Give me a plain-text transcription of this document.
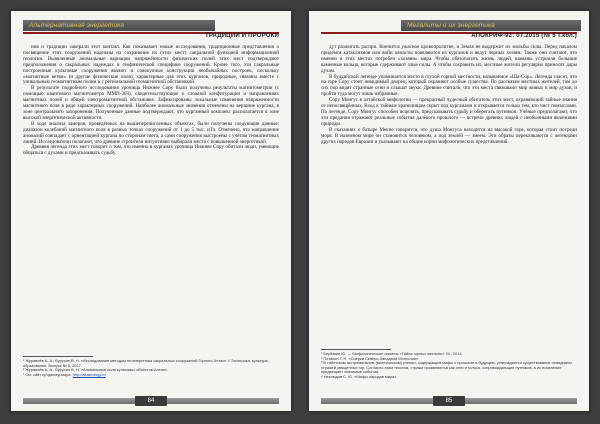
Альтернативная энергетика
ТРАДИЦИИ И ПРОРОКИ

ния и традиции хакерали этот контакт. Как показывает новые исследования, традиционные представления о посвящение этих сооружений надежны на сохранение их (этих мест) сакральной функцией информационной геологии. Выявленные аномальные вариации напряжённости физических полей этих мест подтверждают предположения о сакральных надеждах и геофизической специфике сооружений. Кроме того, эти сакральные построенные культовые сооружения являют и совокупные конструкции необычайных построек, поскольку «магнитные ветви» (и другие физические поля), характерные для этих курганов, природные, связаны вместе с уникальным геомагнитным полем и с региональной геомагнитной обстановкой.

В результате подробного исследования урочища Нижнее Сору были получены результаты магнитометрии (с помощью квантового магнитометра ММП-303), свидетельствующие о сложной конфигурации и направлениях магнитных полей и общей электромагнитной обстановке. Зафиксированы локальные изменения напряженности магнитного поля в ряде характерных сооружений. Наиболее аномальные значения отмечены на вершине кургана, в зоне центрального захоронения. Полученные данные подтверждают, что курганный комплекс располагается в зоне высокой энергетической активности.

В ходе анализа замеров, проведённых на вышеперечисленных объектах, были получены следующие данные: диапазон колебаний магнитного поля в разных точках сооружений от 1 до 5 тыс. нТл. Отмечено, что направление аномалий совпадает с ориентацией кургана по сторонам света, а сами сооружения выстроены с учётом геомагнитных линий. Исследователи полагают, что древние строители интуитивно выбирали места с повышенной энергетикой.

Древняя легенда этих мест говорит о том, что именно в курганах урочища Нижнее Сору обитали люди, умеющие общаться с духами и предсказывать судьбу.

¹ Журавлёв А. А., Бурухин В. Н. «Исследование методом геоэнергетики сакральных сооружений Горного Алтая» // Эзотерика, культура, образование. Выпуск № 5, 2017.
² Журавлёв А. А., Бурухин В. Н. «Аномальные поля культовых объектов Алтая».
¹ См. сайт продюсер-мира: http://altaienergy.ru
84
Мегалиты и их энергетика
АПОКРИФ-92: 07.2015 (№ 5 т.кол.)

дут разжигать распри. Кончится ужасное кровопролитие, и Земля не выдержит их мольбы силы. Перед началом придёмся катаклизмов или войн алмасты появляются из курганов и ведут черных хозяев. Также они считают, что именно в этих местах потребен «хозяин» мира. Чтобы обезопасить жизнь людей, шаманы устроили большие каменные кольца, которые сдерживают злые силы. А чтобы сохранить их, местные жители регулярно приносят дары духам.

В буддийской легенде упоминается место в глухой горной местности, называемое «Ша-Сор». Легенда гласит, что на горе Сору стоит невидимый дворец, который охраняют особые существа. По рассказам местных жителей, там до сих пор видят странные огни и слышат звуки. Древние считали, что эти места связывают мир живых и мир духов, и пройти туда могут лишь избранные.

Сору Монгус в алтайской мифологии — прекрасный чудесный обитатель этих мест, охраняющий тайные знания от непосвящённых. Вход к тайным хранилищам скрыт под курганами и открывается только тем, кто чист помыслами. По легенде, Сору Монгус способен исцелять, предсказывать судьбу и оберегать путников. Учёные предполагают, что эти предания отражают реальные события далёкого прошлого — встречи древних людей с необычными явлениями природы.

В сказаниях о батыре Мекне говорится, что душа Монгуса находится на высокой горе, которая стоит посреди моря. В наземном мире он становится человеком, а под землёй — змеем. Эти образы перекликаются с легендами других народов Евразии и указывают на общие корни мифологических представлений.

¹ Берёзкин Ю. — Мифологические сюжеты «Тайна горных святынь». М., 2014.
² Потанин Г. Н. «Очерки Северо-Западной Монголии».
³ В тибетском экстремальном (мантическом) учении, содержащем мифы о прошлом и будущем, утверждается существование невидимых стражей священных гор. Согласно этим текстам, стражи проявляются как огни и голоса, сопровождающие путников, а их появление предвещает значимые события.
⁴ Неклюдов С. Ю. «Мифы народов мира».
85
